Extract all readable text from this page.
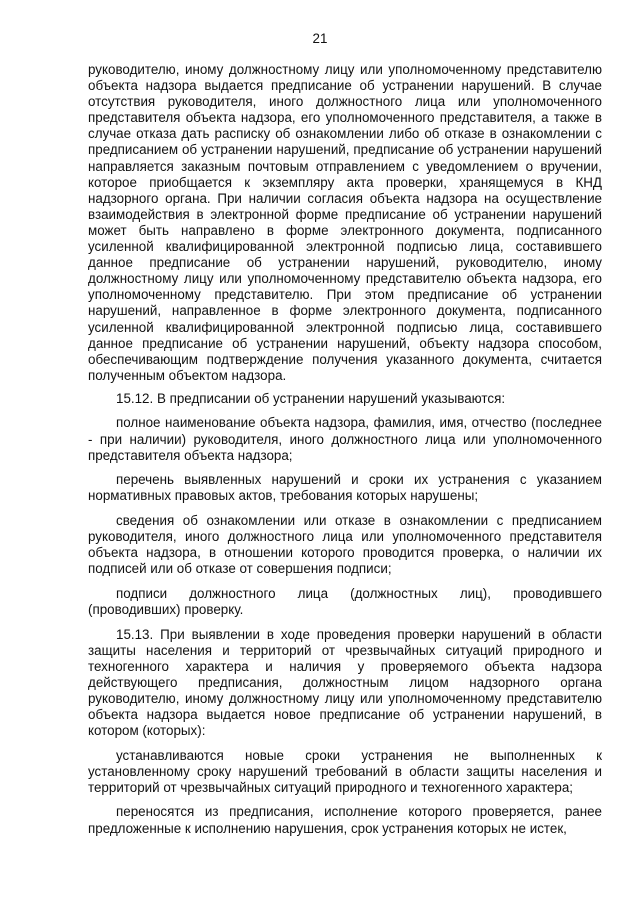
21

руководителю, иному должностному лицу или уполномоченному представителю объекта надзора выдается предписание об устранении нарушений. В случае отсутствия руководителя, иного должностного лица или уполномоченного представителя объекта надзора, его уполномоченного представителя, а также в случае отказа дать расписку об ознакомлении либо об отказе в ознакомлении с предписанием об устранении нарушений, предписание об устранении нарушений направляется заказным почтовым отправлением с уведомлением о вручении, которое приобщается к экземпляру акта проверки, хранящемуся в КНД надзорного органа. При наличии согласия объекта надзора на осуществление взаимодействия в электронной форме предписание об устранении нарушений может быть направлено в форме электронного документа, подписанного усиленной квалифицированной электронной подписью лица, составившего данное предписание об устранении нарушений, руководителю, иному должностному лицу или уполномоченному представителю объекта надзора, его уполномоченному представителю. При этом предписание об устранении нарушений, направленное в форме электронного документа, подписанного усиленной квалифицированной электронной подписью лица, составившего данное предписание об устранении нарушений, объекту надзора способом, обеспечивающим подтверждение получения указанного документа, считается полученным объектом надзора.

15.12. В предписании об устранении нарушений указываются:

полное наименование объекта надзора, фамилия, имя, отчество (последнее - при наличии) руководителя, иного должностного лица или уполномоченного представителя объекта надзора;

перечень выявленных нарушений и сроки их устранения с указанием нормативных правовых актов, требования которых нарушены;

сведения об ознакомлении или отказе в ознакомлении с предписанием руководителя, иного должностного лица или уполномоченного представителя объекта надзора, в отношении которого проводится проверка, о наличии их подписей или об отказе от совершения подписи;

подписи должностного лица (должностных лиц), проводившего (проводивших) проверку.

15.13. При выявлении в ходе проведения проверки нарушений в области защиты населения и территорий от чрезвычайных ситуаций природного и техногенного характера и наличия у проверяемого объекта надзора действующего предписания, должностным лицом надзорного органа руководителю, иному должностному лицу или уполномоченному представителю объекта надзора выдается новое предписание об устранении нарушений, в котором (которых):

устанавливаются новые сроки устранения не выполненных к установленному сроку нарушений требований в области защиты населения и территорий от чрезвычайных ситуаций природного и техногенного характера;

переносятся из предписания, исполнение которого проверяется, ранее предложенные к исполнению нарушения, срок устранения которых не истек,
